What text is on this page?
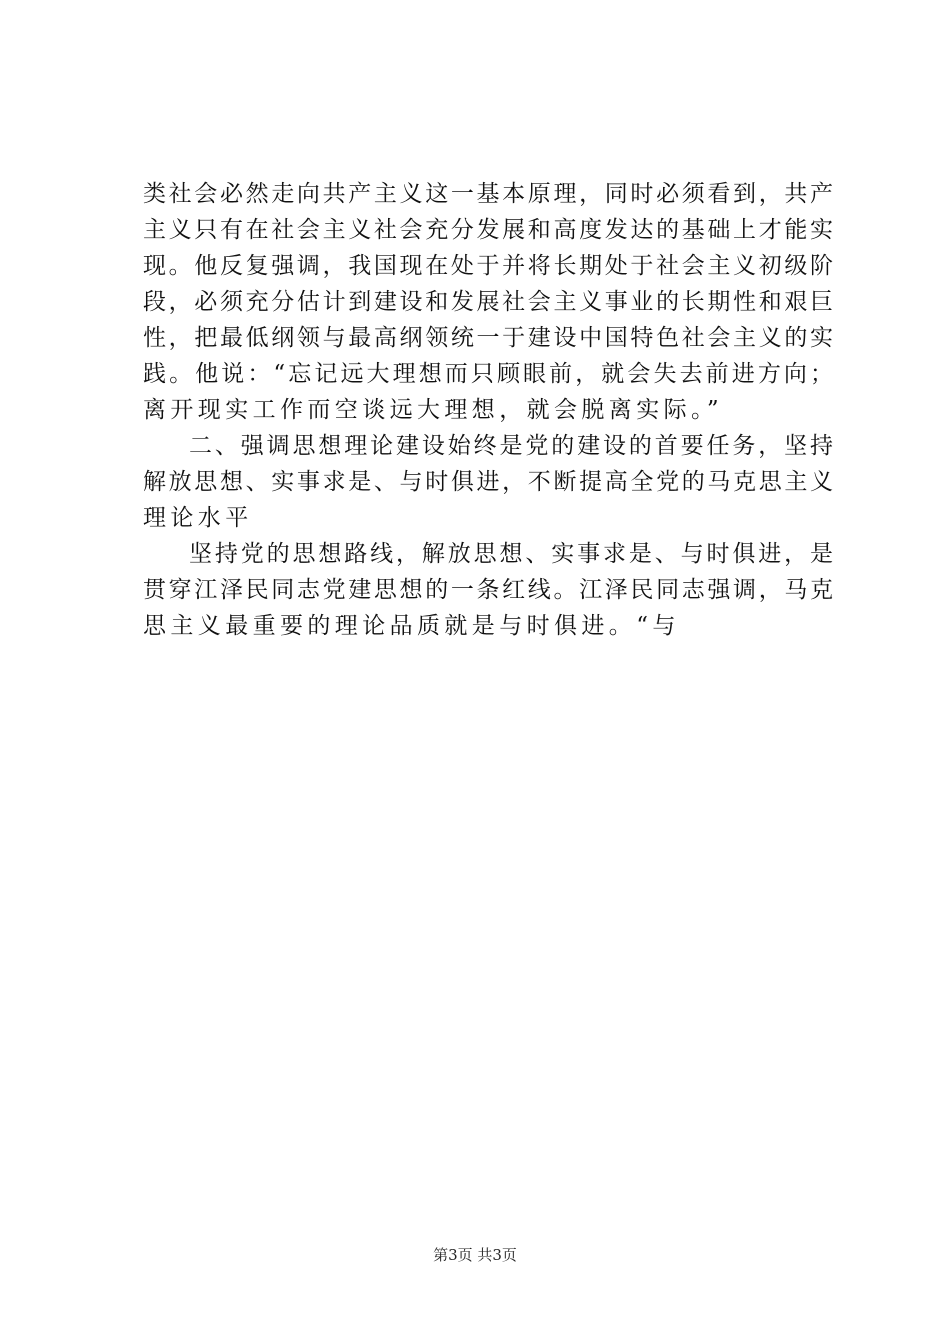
类社会必然走向共产主义这一基本原理，同时必须看到，共产
主义只有在社会主义社会充分发展和高度发达的基础上才能实
现。他反复强调，我国现在处于并将长期处于社会主义初级阶
段，必须充分估计到建设和发展社会主义事业的长期性和艰巨
性，把最低纲领与最高纲领统一于建设中国特色社会主义的实
践。他说：“忘记远大理想而只顾眼前，就会失去前进方向；
离开现实工作而空谈远大理想，就会脱离实际。”
二、强调思想理论建设始终是党的建设的首要任务，坚持
解放思想、实事求是、与时俱进，不断提高全党的马克思主义
理论水平
坚持党的思想路线，解放思想、实事求是、与时俱进，是
贯穿江泽民同志党建思想的一条红线。江泽民同志强调，马克
思主义最重要的理论品质就是与时俱进。“与
第3页 共3页
